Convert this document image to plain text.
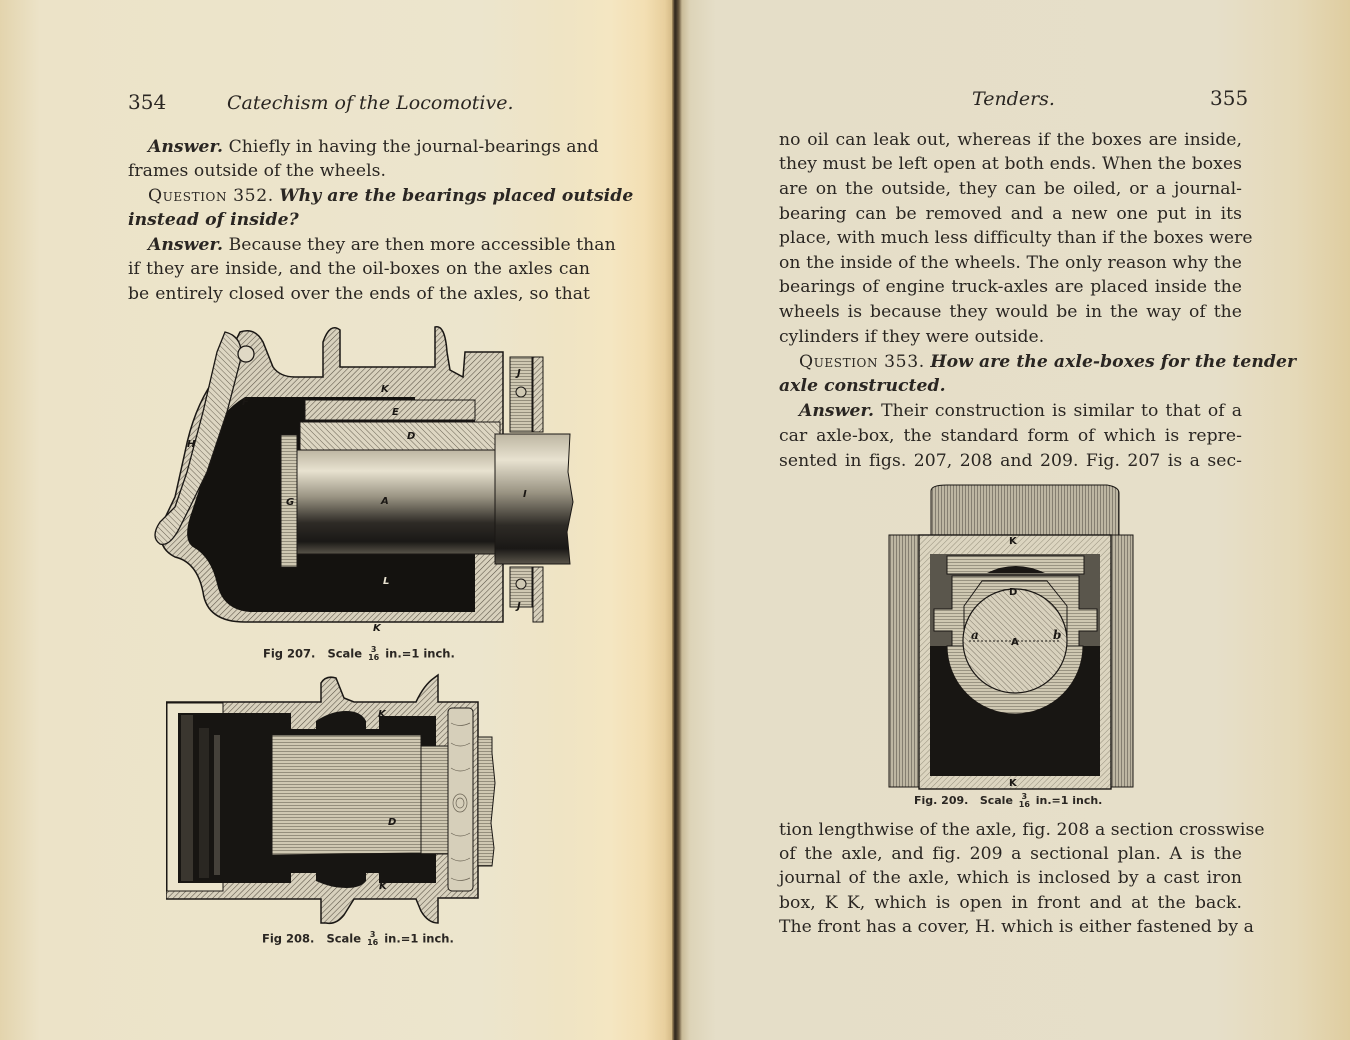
354	Catechism of the Locomotive.
Answer. Chiefly in having the journal-bearings and
frames outside of the wheels.
Question 352. Why are the bearings placed outside
instead of inside?
Answer. Because they are then more accessible than
if they are inside, and the oil-boxes on the axles can
be entirely closed over the ends of the axles, so that
K
E
D
F
H
G	A
I
J
J
L
K
Fig 207. Scale	3
16 in.=1 inch.
K
D
K
Fig 208. Scale	3
16 in.=1 inch.
Tenders.	355
no oil can leak out, whereas if the boxes are inside,
they must be left open at both ends. When the boxes
are on the outside, they can be oiled, or a journal-
bearing can be removed and a new one put in its
place, with much less difficulty than if the boxes were
on the inside of the wheels. The only reason why the
bearings of engine truck-axles are placed inside the
wheels is because they would be in the way of the
cylinders if they were outside.
Question 353. How are the axle-boxes for the tender
axle constructed.
Answer. Their construction is similar to that of a
car axle-box, the standard form of which is repre-
sented in figs. 207, 208 and 209. Fig. 207 is a sec-
K
D
a
A
b
K
Fig. 209. Scale	3
16 in.=1 inch.
tion lengthwise of the axle, fig. 208 a section crosswise
of the axle, and fig. 209 a sectional plan. A is the
journal of the axle, which is inclosed by a cast iron
box, K K, which is open in front and at the back.
The front has a cover, H. which is either fastened by a
